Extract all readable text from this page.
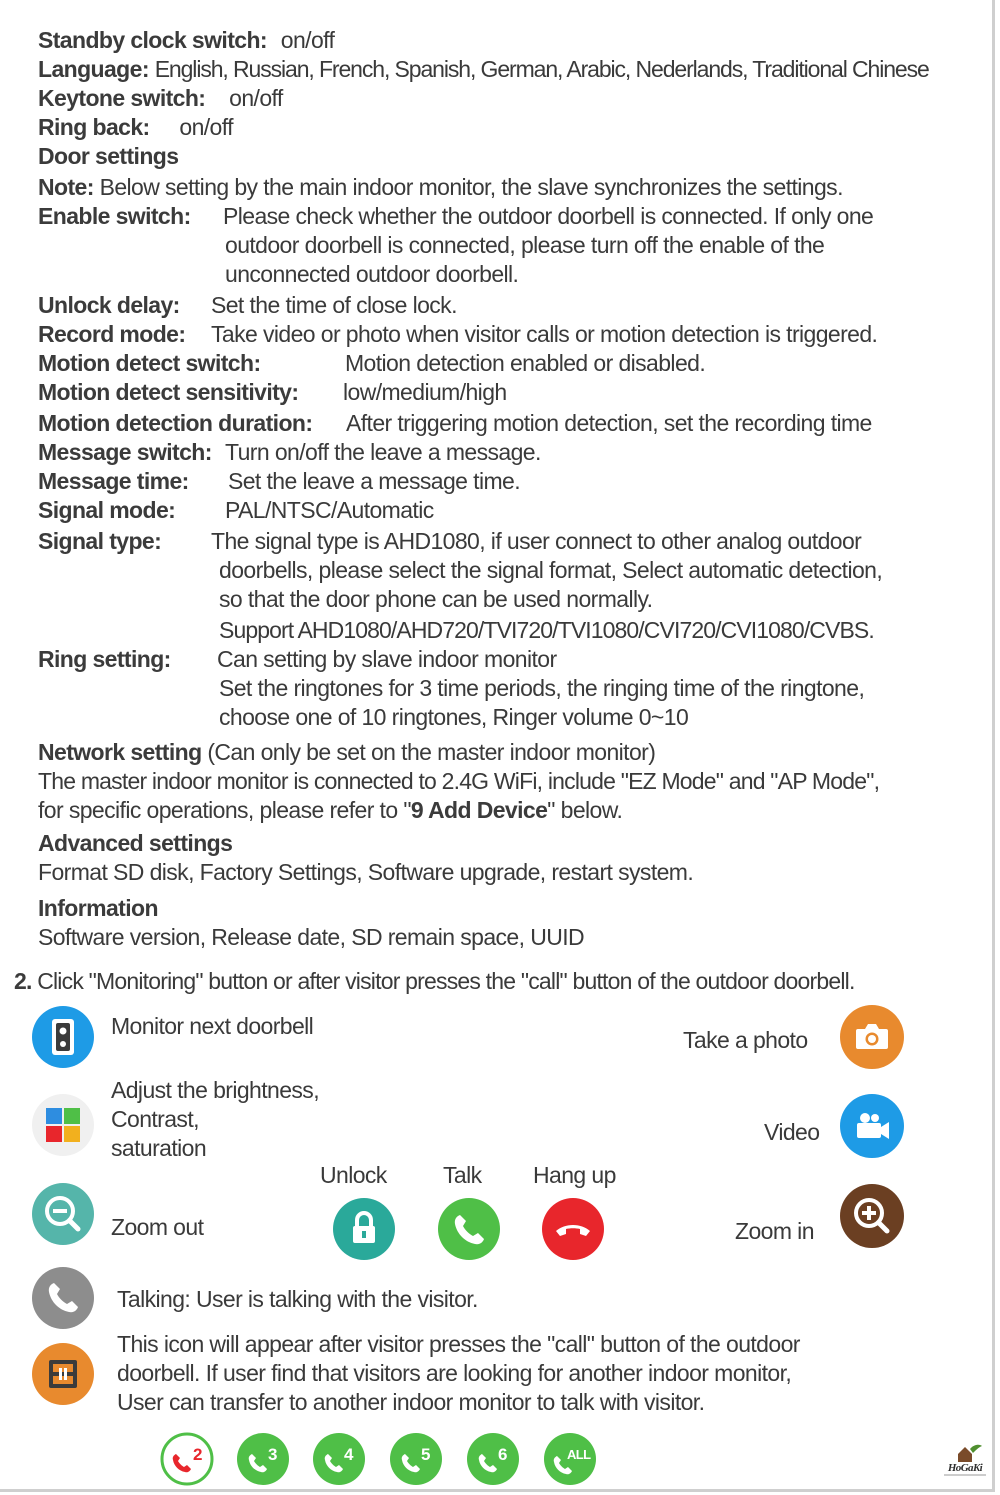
Standby clock switch: on/off
Language: English, Russian, French, Spanish, German, Arabic, Nederlands, Traditional Chinese
Keytone switch: on/off
Ring back: on/off
Door settings
Note: Below setting by the main indoor monitor, the slave synchronizes the settings.
Enable switch: Please check whether the outdoor doorbell is connected. If only one
outdoor doorbell is connected, please turn off the enable of the
unconnected outdoor doorbell.
Unlock delay: Set the time of close lock.
Record mode: Take video or photo when visitor calls or motion detection is triggered.
Motion detect switch:	Motion detection enabled or disabled.
Motion detect sensitivity: low/medium/high
Motion detection duration: After triggering motion detection, set the recording time
Message switch: Turn on/off the leave a message.
Message time: Set the leave a message time.
Signal mode: PAL/NTSC/Automatic
Signal type: The signal type is AHD1080, if user connect to other analog outdoor
doorbells, please select the signal format, Select automatic detection,
so that the door phone can be used normally.
Support AHD1080/AHD720/TVI720/TVI1080/CVI720/CVI1080/CVBS.
Ring setting: Can setting by slave indoor monitor
Set the ringtones for 3 time periods, the ringing time of the ringtone,
choose one of 10 ringtones, Ringer volume 0~10
Network setting (Can only be set on the master indoor monitor)
The master indoor monitor is connected to 2.4G WiFi, include "EZ Mode" and "AP Mode",
for specific operations, please refer to "9 Add Device" below.
Advanced settings
Format SD disk, Factory Settings, Software upgrade, restart system.
Information
Software version, Release date, SD remain space, UUID
2. Click "Monitoring" button or after visitor presses the "call" button of the outdoor doorbell.
Monitor next doorbell
Take a photo
Adjust the brightness,
Contrast,
saturation
Video
Unlock Talk Hang up
Zoom out	Zoom in
Talking: User is talking with the visitor.
This icon will appear after visitor presses the "call" button of the outdoor
doorbell. If user find that visitors are looking for another indoor monitor,
User can transfer to another indoor monitor to talk with visitor.
2	3	4	5	6	ALL
HoGaKi
